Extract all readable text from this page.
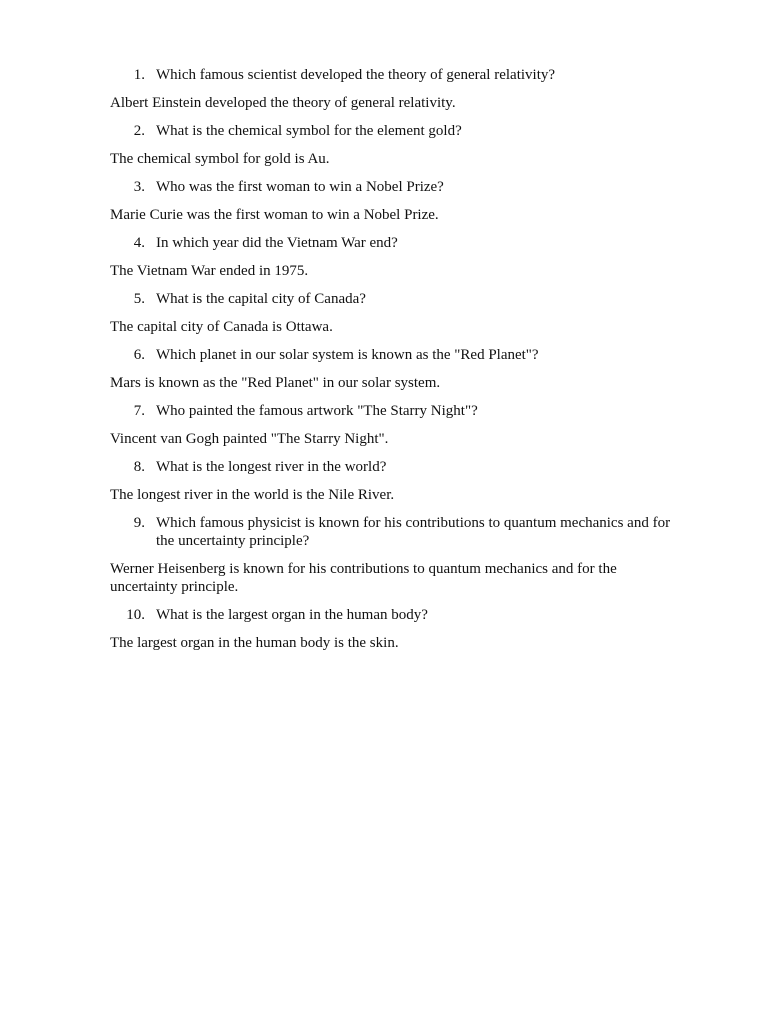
1. Which famous scientist developed the theory of general relativity?
Albert Einstein developed the theory of general relativity.
2. What is the chemical symbol for the element gold?
The chemical symbol for gold is Au.
3. Who was the first woman to win a Nobel Prize?
Marie Curie was the first woman to win a Nobel Prize.
4. In which year did the Vietnam War end?
The Vietnam War ended in 1975.
5. What is the capital city of Canada?
The capital city of Canada is Ottawa.
6. Which planet in our solar system is known as the "Red Planet"?
Mars is known as the "Red Planet" in our solar system.
7. Who painted the famous artwork "The Starry Night"?
Vincent van Gogh painted "The Starry Night".
8. What is the longest river in the world?
The longest river in the world is the Nile River.
9. Which famous physicist is known for his contributions to quantum mechanics and for the uncertainty principle?
Werner Heisenberg is known for his contributions to quantum mechanics and for the uncertainty principle.
10. What is the largest organ in the human body?
The largest organ in the human body is the skin.
